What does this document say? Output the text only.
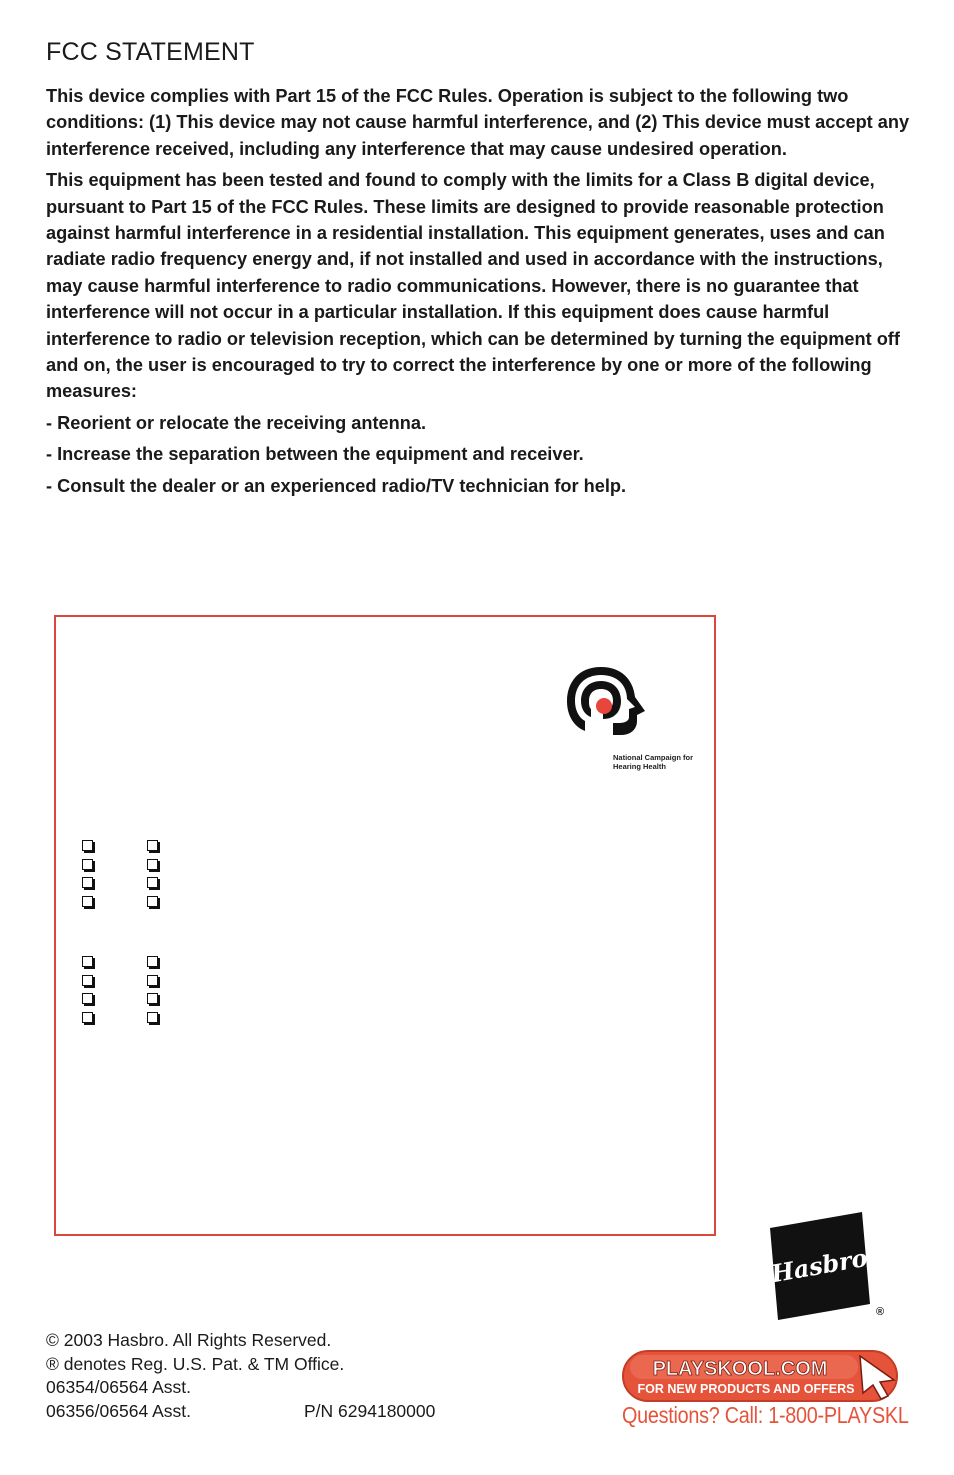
FCC STATEMENT

This device complies with Part 15 of the FCC Rules. Operation is subject to the following two conditions: (1) This device may not cause harmful interference, and (2) This device must accept any interference received, including any interference that may cause undesired operation.

This equipment has been tested and found to comply with the limits for a Class B digital device, pursuant to Part 15 of the FCC Rules. These limits are designed to provide reasonable protection against harmful interference in a residential installation. This equipment generates, uses and can radiate radio frequency energy and, if not installed and used in accordance with the instructions, may cause harmful interference to radio communications. However, there is no guarantee that interference will not occur in a particular installation. If this equipment does cause harmful interference to radio or television reception, which can be determined by turning the equipment off and on, the user is encouraged to try to correct the interference by one or more of the following measures:

- Reorient or relocate the receiving antenna.

- Increase the separation between the equipment and receiver.

- Consult the dealer or an experienced radio/TV technician for help.

National Campaign for
Hearing Health
Hasbro
®
© 2003 Hasbro. All Rights Reserved.
® denotes Reg. U.S. Pat. & TM Office.
06354/06564 Asst.
06356/06564 Asst.	P/N 6294180000
PLAYSKOOL.COM
FOR NEW PRODUCTS AND OFFERS
Questions? Call: 1-800-PLAYSKL
